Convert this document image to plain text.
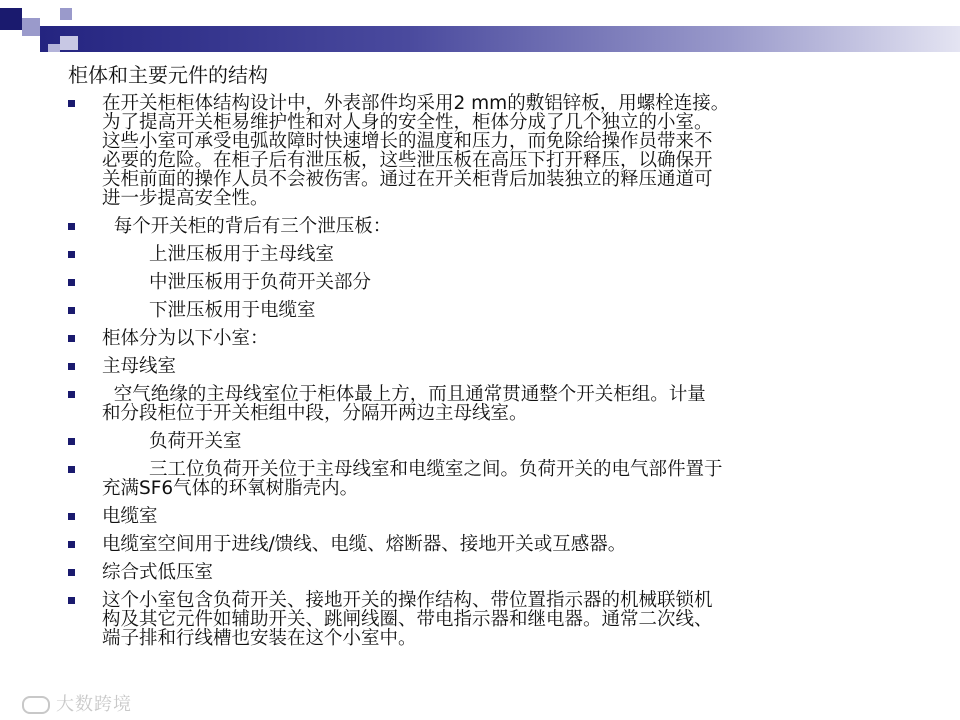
柜体和主要元件的结构
在开关柜柜体结构设计中，外表部件均采用2 mm的敷铝锌板，用螺栓连接。
为了提高开关柜易维护性和对人身的安全性，柜体分成了几个独立的小室。
这些小室可承受电弧故障时快速增长的温度和压力，而免除给操作员带来不
必要的危险。在柜子后有泄压板，这些泄压板在高压下打开释压，以确保开
关柜前面的操作人员不会被伤害。通过在开关柜背后加装独立的释压通道可
进一步提高安全性。
每个开关柜的背后有三个泄压板：
上泄压板用于主母线室
中泄压板用于负荷开关部分
下泄压板用于电缆室
柜体分为以下小室：
主母线室
空气绝缘的主母线室位于柜体最上方，而且通常贯通整个开关柜组。计量
和分段柜位于开关柜组中段，分隔开两边主母线室。
负荷开关室
三工位负荷开关位于主母线室和电缆室之间。负荷开关的电气部件置于
充满SF6气体的环氧树脂壳内。
电缆室
电缆室空间用于进线/馈线、电缆、熔断器、接地开关或互感器。
综合式低压室
这个小室包含负荷开关、接地开关的操作结构、带位置指示器的机械联锁机
构及其它元件如辅助开关、跳闸线圈、带电指示器和继电器。通常二次线、
端子排和行线槽也安装在这个小室中。
大数跨境
